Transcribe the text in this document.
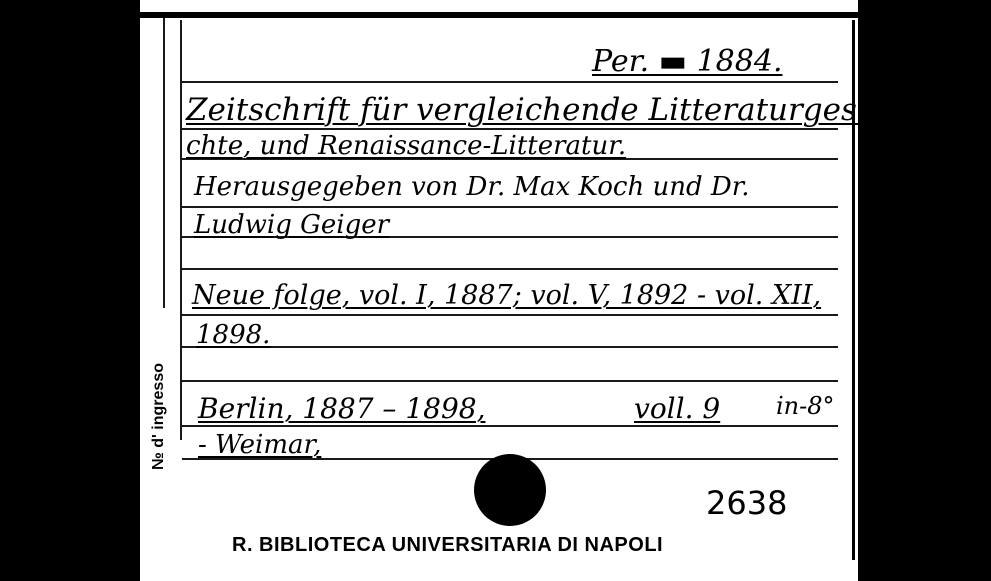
Per. ▬ 1884.
Zeitschrift für vergleichende Litteraturgeschi
chte, und Renaissance-Litteratur.
Herausgegeben von Dr. Max Koch und Dr.
Ludwig Geiger
Neue folge, vol. I, 1887; vol. V, 1892 - vol. XII,
1898.
Berlin, 1887 – 1898,	voll. 9 in-8°
- Weimar,
№ d' ingresso
2638
R. BIBLIOTECA UNIVERSITARIA DI NAPOLI
